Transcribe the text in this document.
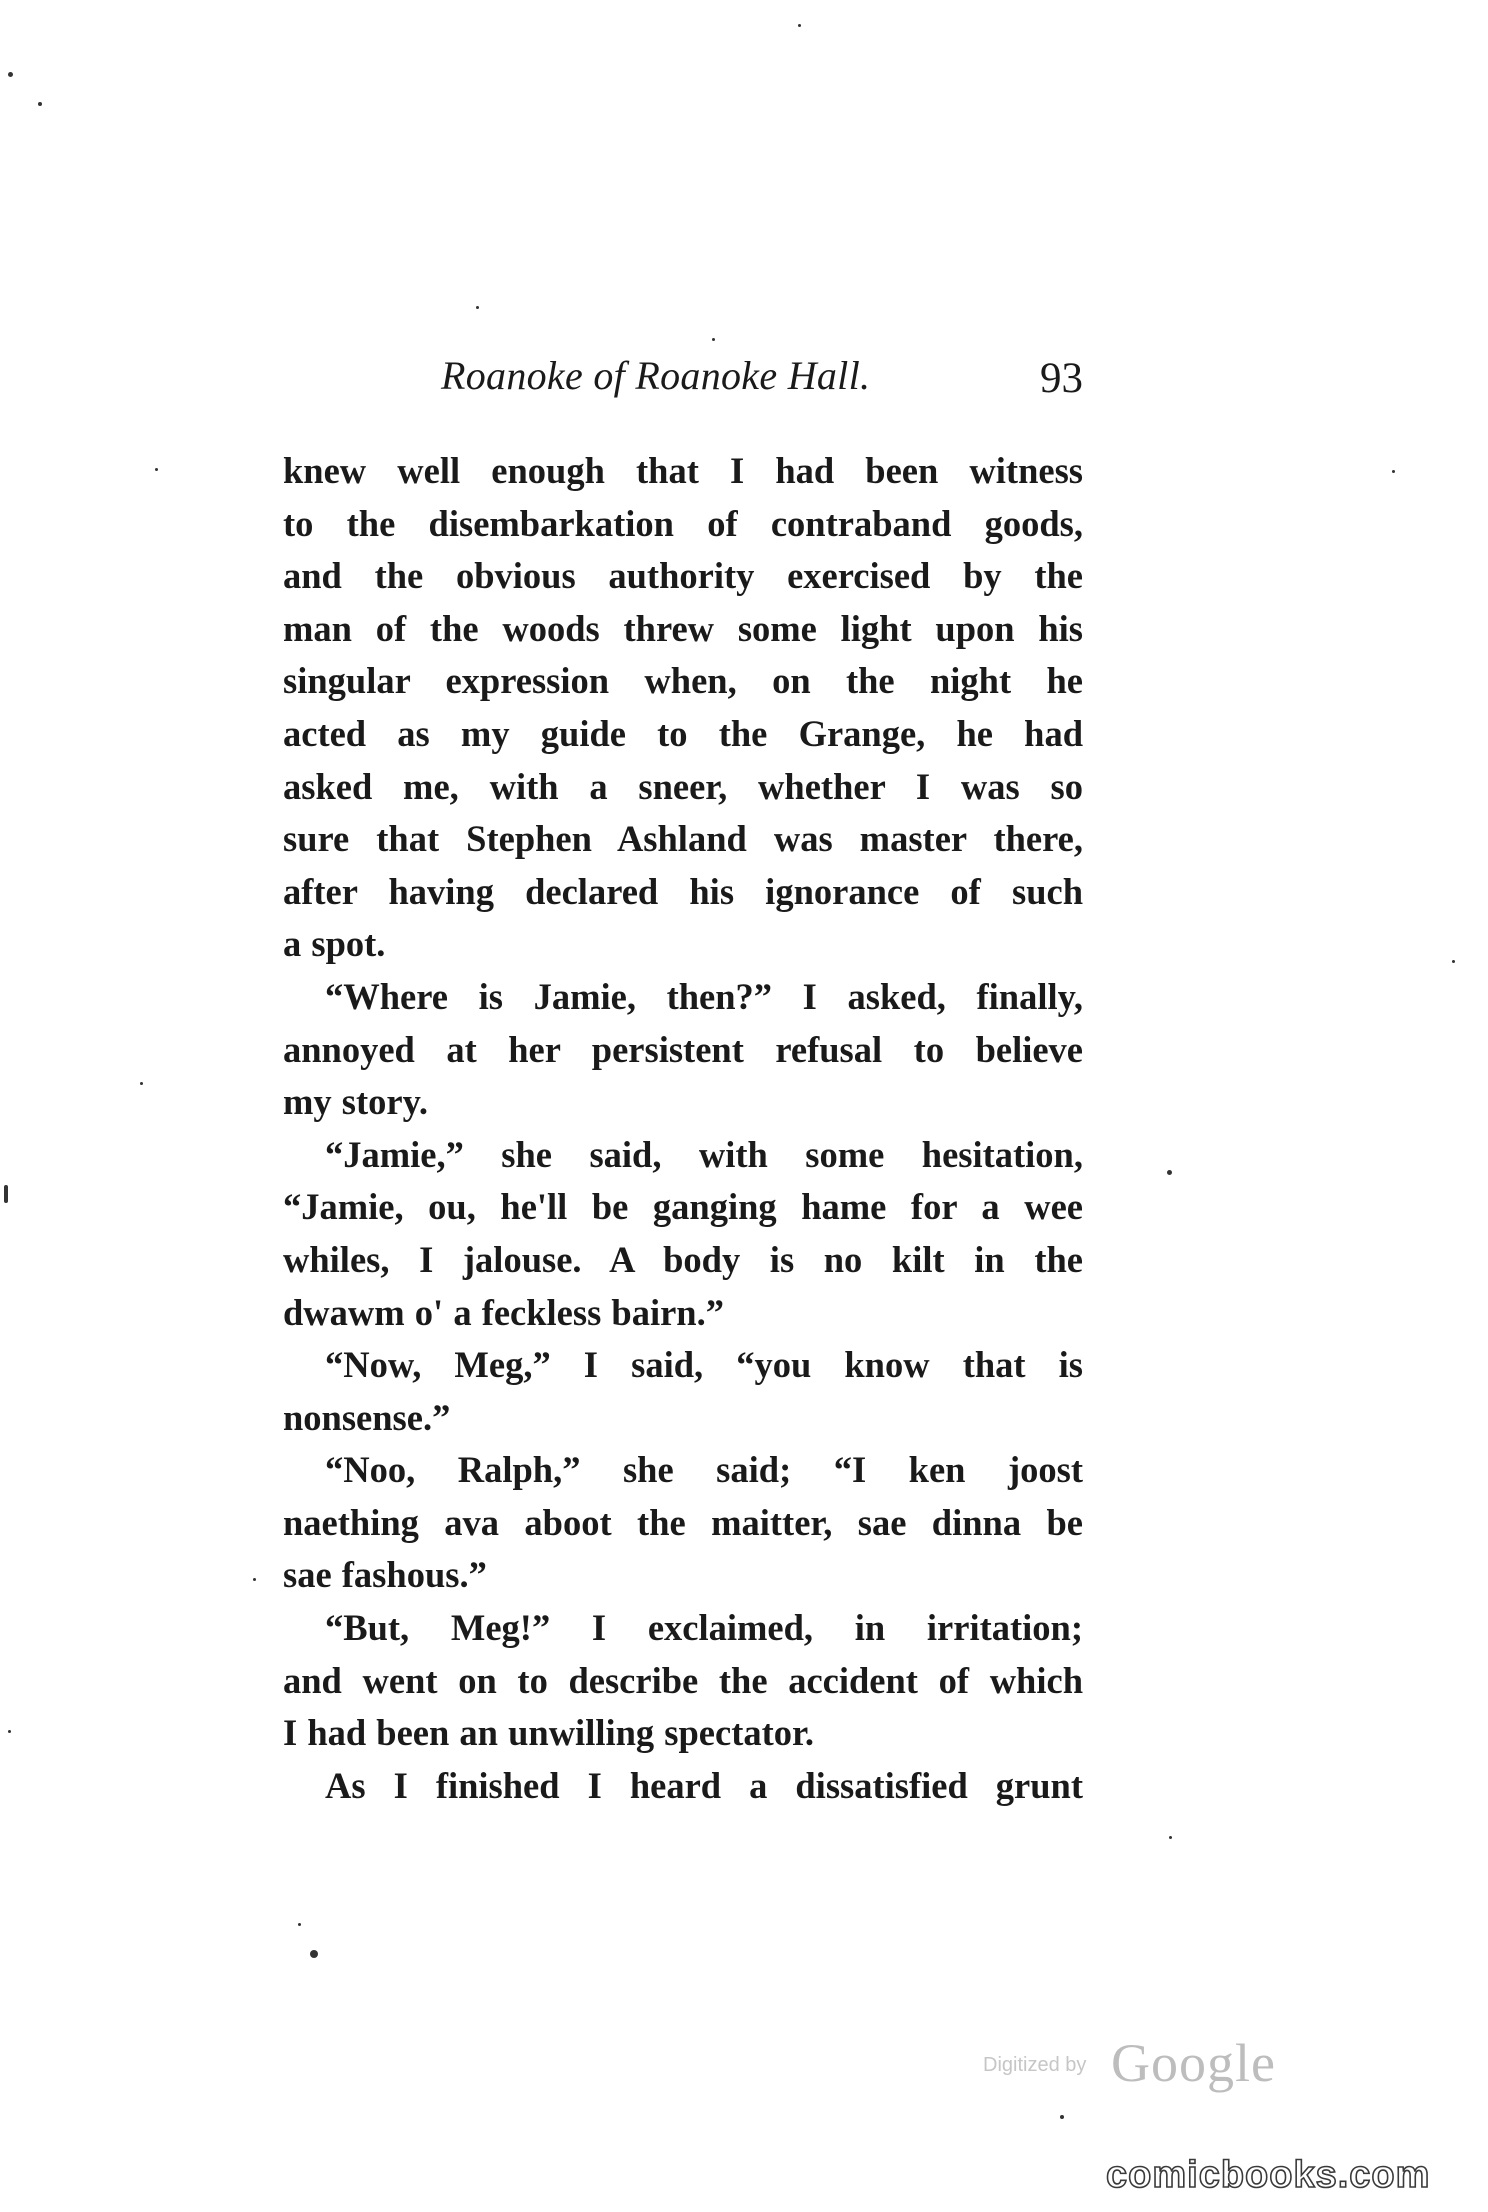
Roanoke of Roanoke Hall.	93
knew well enough that I had been witness
to the disembarkation of contraband goods,
and the obvious authority exercised by the
man of the woods threw some light upon his
singular expression when, on the night he
acted as my guide to the Grange, he had
asked me, with a sneer, whether I was so
sure that Stephen Ashland was master there,
after having declared his ignorance of such
a spot.
“Where is Jamie, then?” I asked, finally,
annoyed at her persistent refusal to believe
my story.
“Jamie,” she said, with some hesitation,
“Jamie, ou, he'll be ganging hame for a wee
whiles, I jalouse. A body is no kilt in the
dwawm o' a feckless bairn.”
“Now, Meg,” I said, “you know that is
nonsense.”
“Noo, Ralph,” she said; “I ken joost
naething ava aboot the maitter, sae dinna be
sae fashous.”
“But, Meg!” I exclaimed, in irritation;
and went on to describe the accident of which
I had been an unwilling spectator.
As I finished I heard a dissatisfied grunt
Digitized by Google
comicbooks.com
